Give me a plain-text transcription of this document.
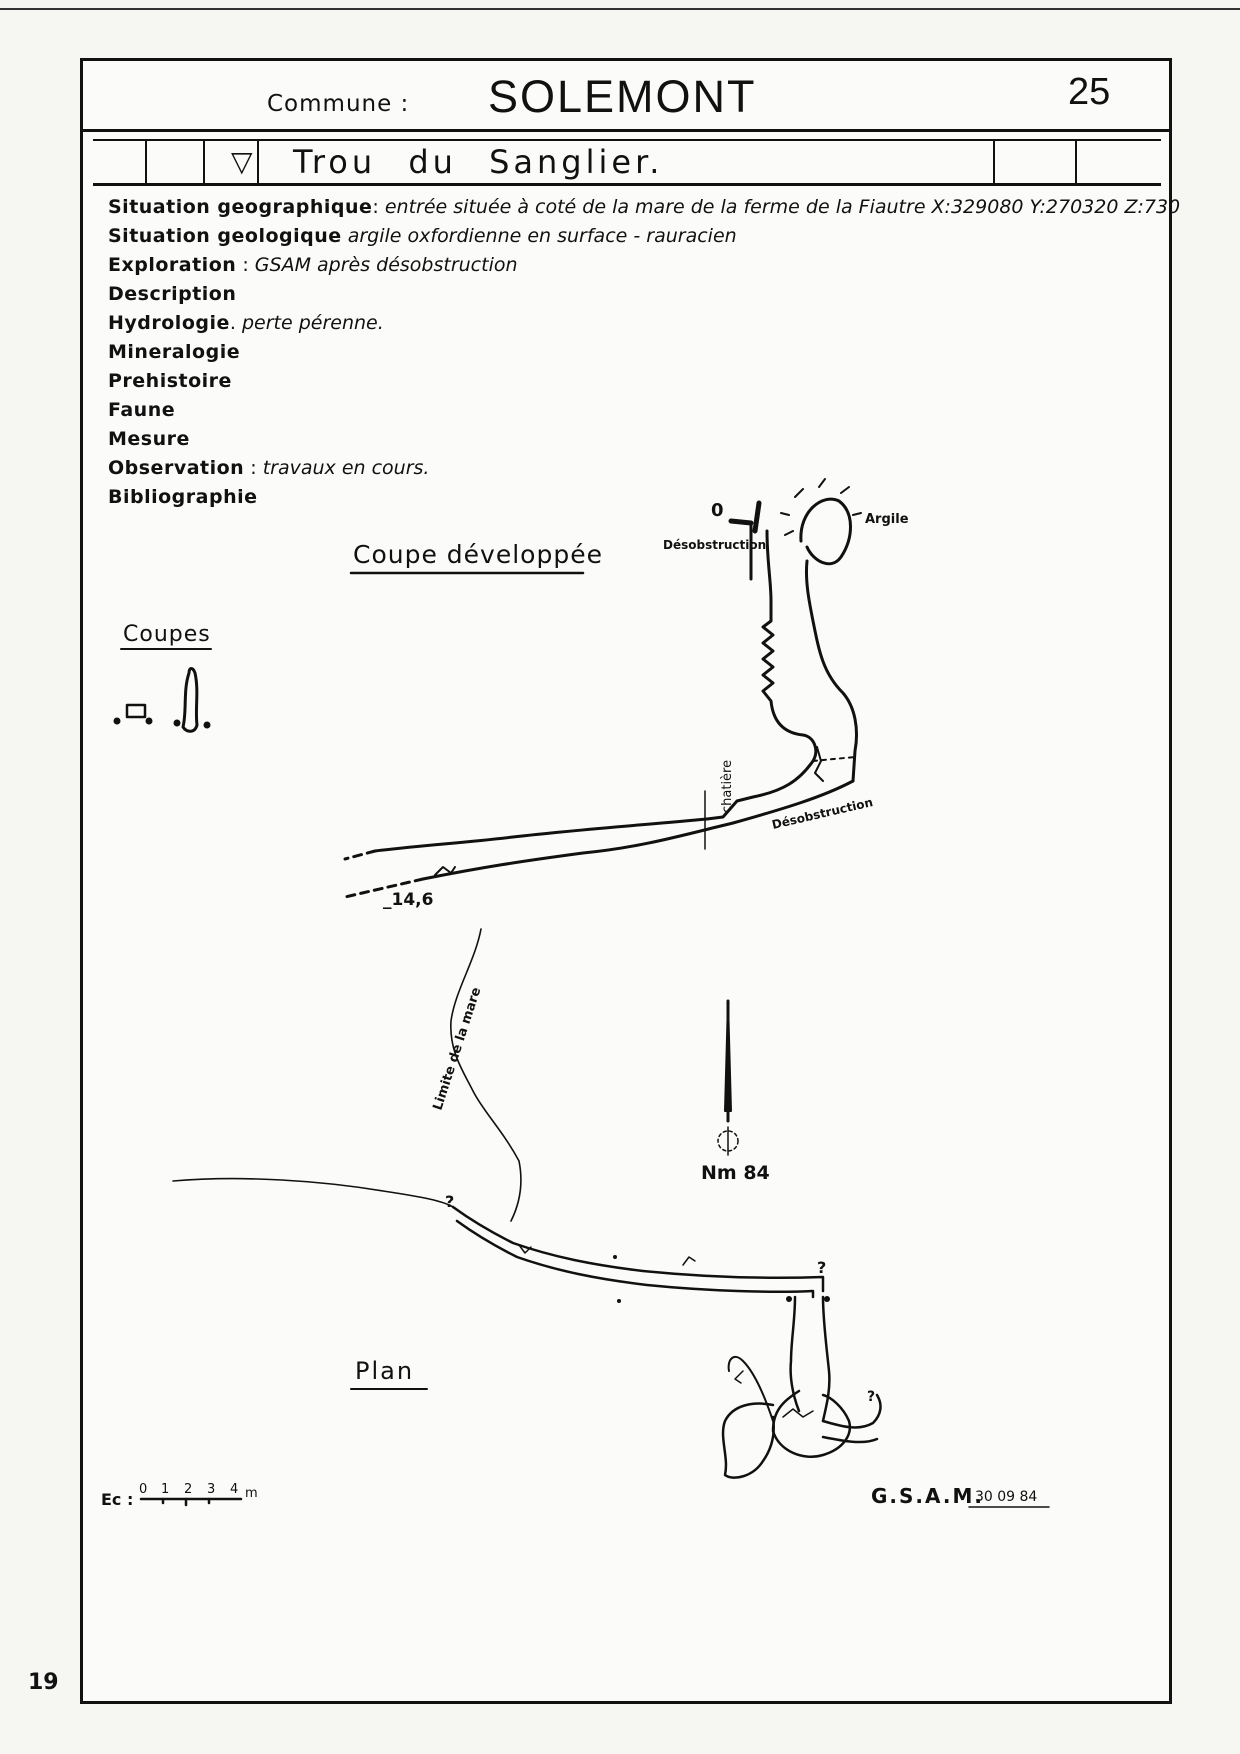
Commune : SOLEMONT	25
▽ Trou du Sanglier.
Situation geographique: entrée située à coté de la mare de la ferme de la Fiautre X:329080 Y:270320 Z:730
Situation geologique argile oxfordienne en surface - rauracien
Exploration : GSAM après désobstruction
Description
Hydrologie. perte pérenne.
Mineralogie
Prehistoire
Faune
Mesure
Observation : travaux en cours.
Bibliographie
Coupe développée
0	Argile
Désobstruction
chatière
Désobstruction
_14,6
Coupes
Plan
Limite de la mare
Nm 84
?
?
?
Ec :
0 1 2 3 4 m	G.S.A.M.
30 09 84
19
